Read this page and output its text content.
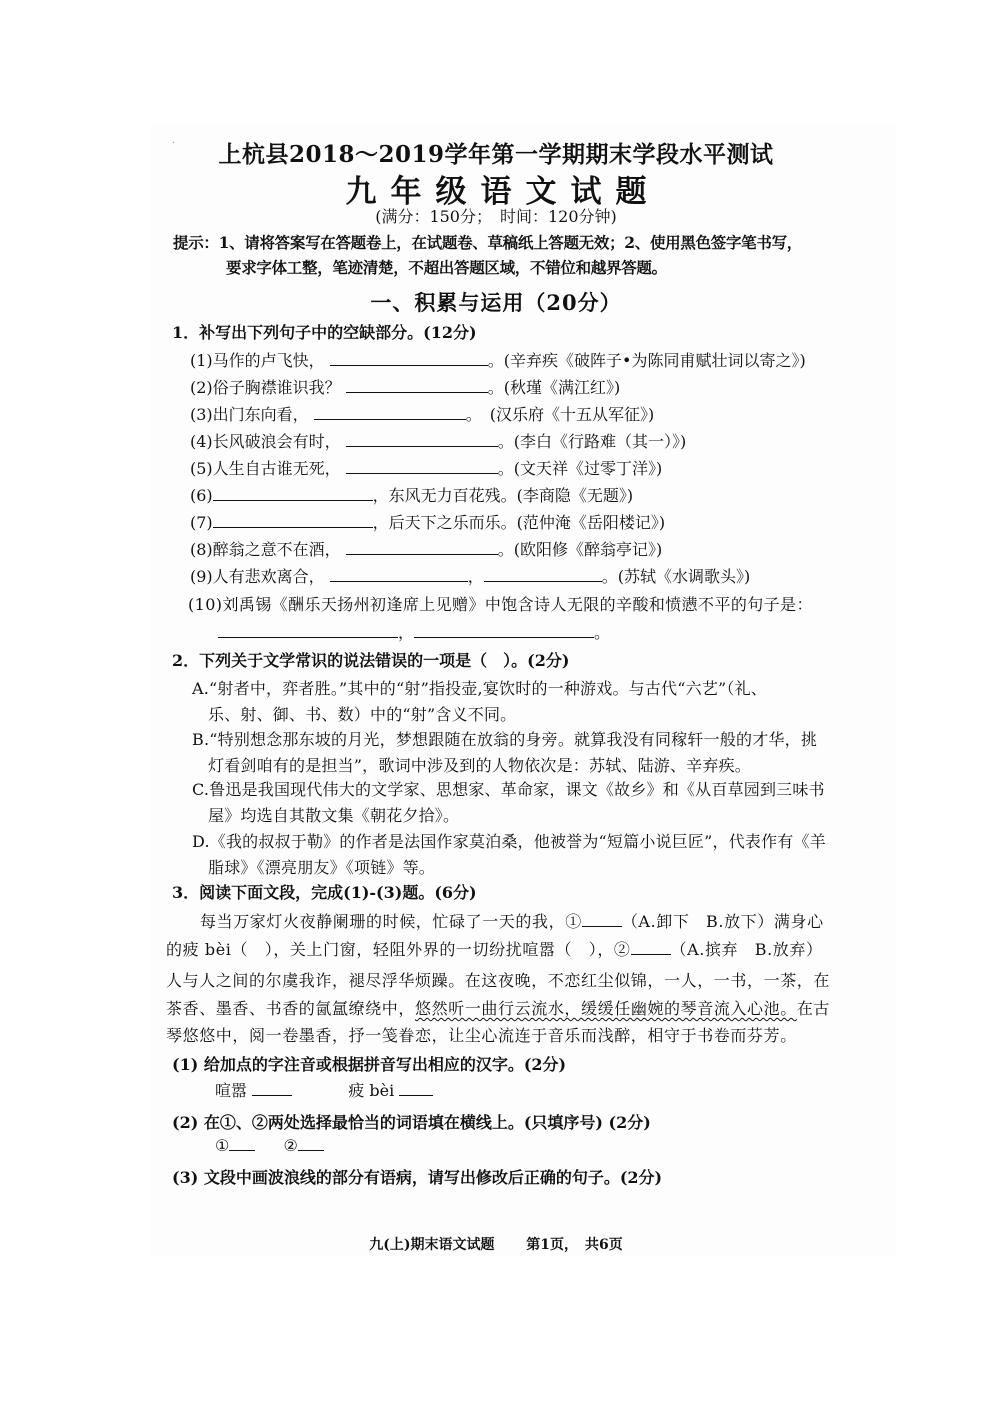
·	上杭县2018～2019学年第一学期期末学段水平测试
九年级语文试题
(满分：150分；　时间：120分钟)
提示：1、请将答案写在答题卷上，在试题卷、草稿纸上答题无效；2、使用黑色签字笔书写，
要求字体工整，笔迹清楚，不超出答题区域，不错位和越界答题。
一、积累与运用（20分）
1．补写出下列句子中的空缺部分。(12分)
(1)马作的卢飞快，	。(辛弃疾《破阵子•为陈同甫赋壮词以寄之》)
(2)俗子胸襟谁识我？	。(秋瑾《满江红》)
(3)出门东向看，	。　(汉乐府《十五从军征》)
(4)长风破浪会有时，	。(李白《行路难（其一）》)
(5)人生自古谁无死，	。(文天祥《过零丁洋》)
(6)	，东风无力百花残。(李商隐《无题》)
(7)	，后天下之乐而乐。(范仲淹《岳阳楼记》)
(8)醉翁之意不在酒，	。(欧阳修《醉翁亭记》)
(9)人有悲欢离合，	，	。(苏轼《水调歌头》)
(10)刘禹锡《酬乐天扬州初逢席上见赠》中饱含诗人无限的辛酸和愤懑不平的句子是：
，	。
2．下列关于文学常识的说法错误的一项是（　）。(2分)
A.“射者中，弈者胜。”其中的“射”指投壶,宴饮时的一种游戏。与古代“六艺”（礼、
乐、射、御、书、数）中的“射”含义不同。
B.“特别想念那东坡的月光，梦想跟随在放翁的身旁。就算我没有同稼轩一般的才华，挑
灯看剑咱有的是担当”，歌词中涉及到的人物依次是：苏轼、陆游、辛弃疾。
C.鲁迅是我国现代伟大的文学家、思想家、革命家，课文《故乡》和《从百草园到三味书
屋》均选自其散文集《朝花夕拾》。
D.《我的叔叔于勒》的作者是法国作家莫泊桑，他被誉为“短篇小说巨匠”，代表作有《羊
脂球》《漂亮朋友》《项链》等。
3．阅读下面文段，完成(1)-(3)题。(6分)
每当万家灯火夜静阑珊的时候，忙碌了一天的我，①	（A.卸下　B.放下）满身心
的疲 bèi（　），关上门窗，轻阻外界的一切纷扰喧嚣（　），②	（A.摈弃　B.放弃）
人与人之间的尔虞我诈，褪尽浮华烦躁。在这夜晚，不恋红尘似锦，一人，一书，一茶，在
茶香、墨香、书香的氤氲缭绕中，悠然听一曲行云流水，缓缓任幽婉的琴音流入心池。在古
琴悠悠中，阅一卷墨香，抒一笺眷恋，让尘心流连于音乐而浅醉，相守于书卷而芬芳。
(1) 给加点的字注音或根据拼音写出相应的汉字。(2分)
喧嚣	疲 bèi
(2) 在①、②两处选择最恰当的词语填在横线上。(只填序号) (2分)
①	②
(3) 文段中画波浪线的部分有语病，请写出修改后正确的句子。(2分)
九(上)期末语文试题 第1页，　共6页
